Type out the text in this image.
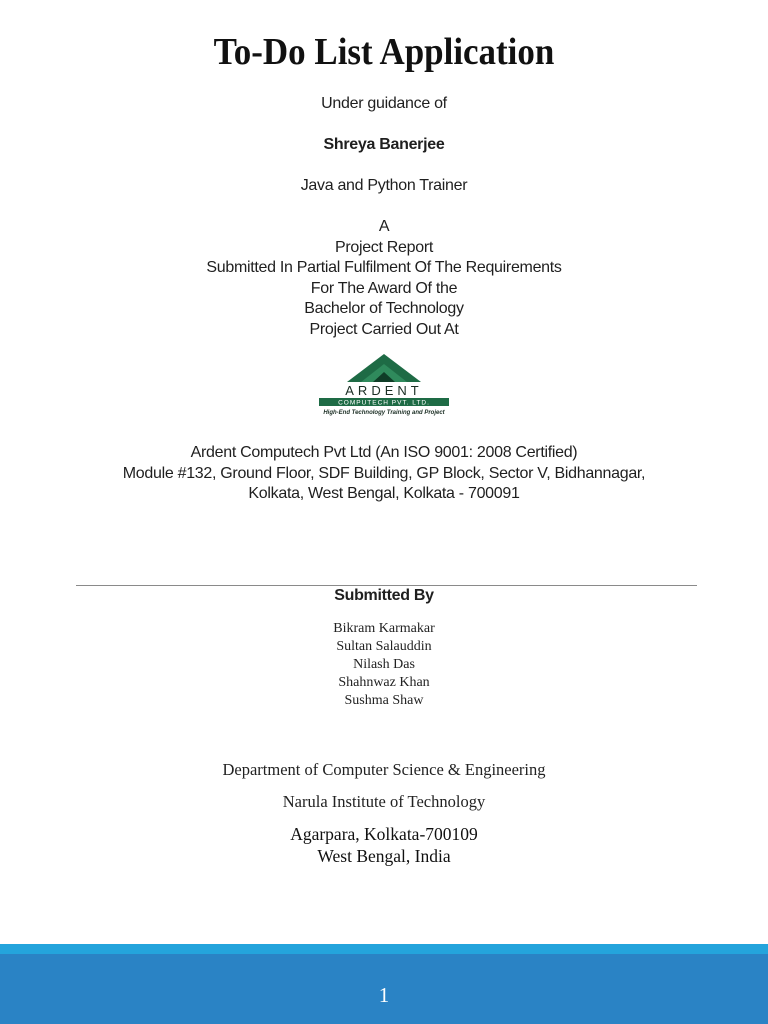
To-Do List Application
Under guidance of
Shreya Banerjee
Java and Python Trainer
A
Project Report
Submitted In Partial Fulfilment Of The Requirements
For The Award Of the
Bachelor of Technology
Project Carried Out At
ARDENT
COMPUTECH PVT. LTD.
High-End Technology Training and Project
Ardent Computech Pvt Ltd (An ISO 9001: 2008 Certified)
Module #132, Ground Floor, SDF Building, GP Block, Sector V, Bidhannagar,
Kolkata, West Bengal, Kolkata - 700091
Submitted By
Bikram Karmakar
Sultan Salauddin
Nilash Das
Shahnwaz Khan
Sushma Shaw
Department of Computer Science & Engineering
Narula Institute of Technology
Agarpara, Kolkata-700109
West Bengal, India
1
